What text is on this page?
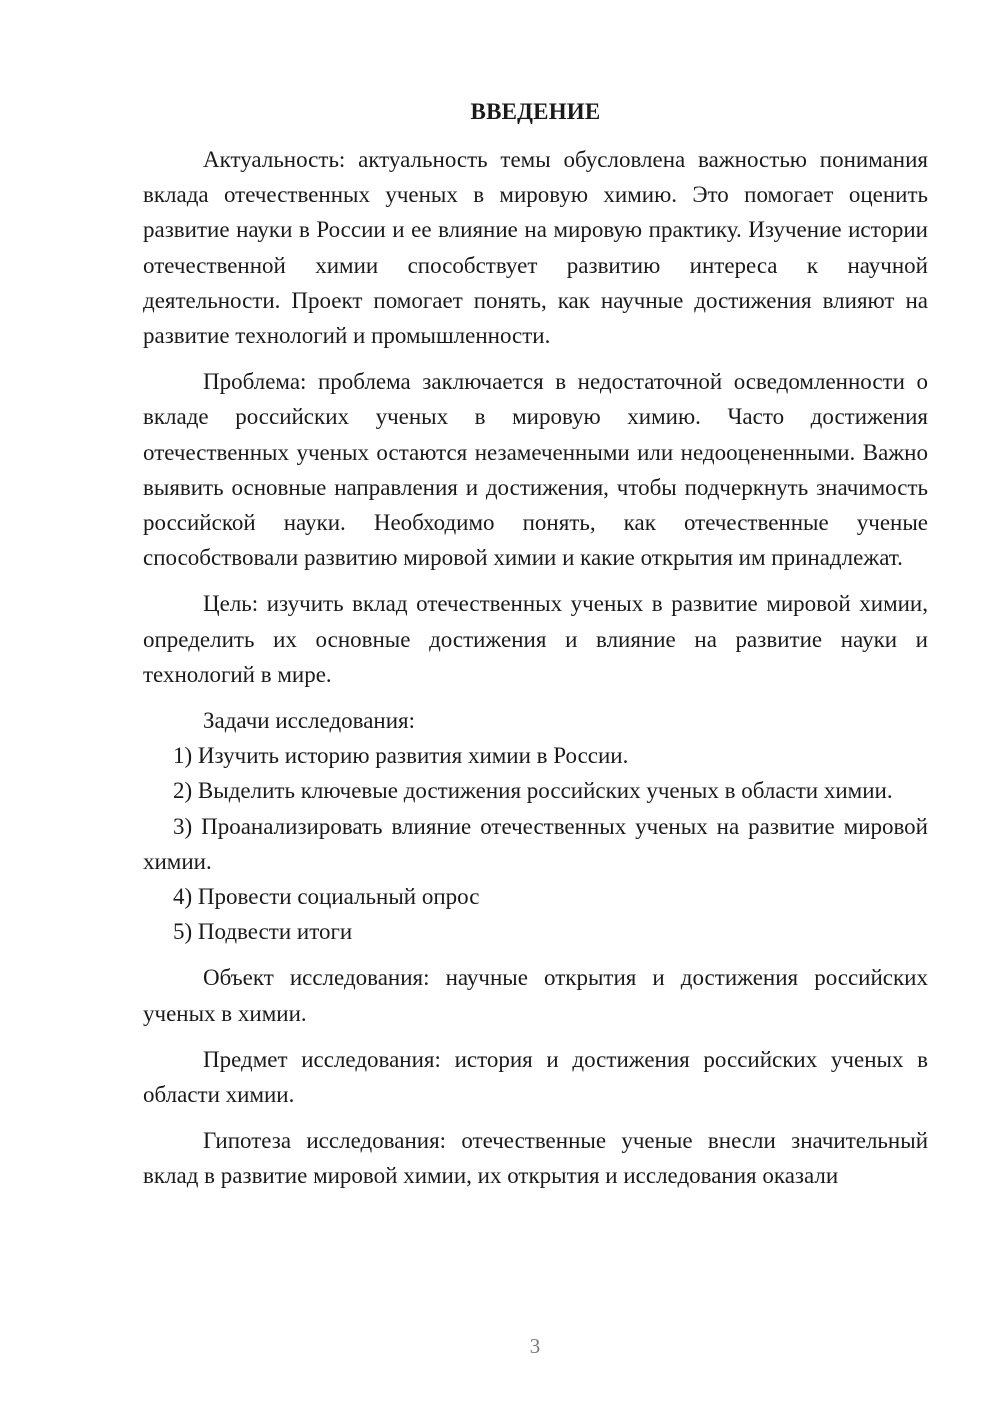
ВВЕДЕНИЕ

Актуальность: актуальность темы обусловлена важностью понимания вклада отечественных ученых в мировую химию. Это помогает оценить развитие науки в России и ее влияние на мировую практику. Изучение истории отечественной химии способствует развитию интереса к научной деятельности. Проект помогает понять, как научные достижения влияют на развитие технологий и промышленности.

Проблема: проблема заключается в недостаточной осведомленности о вкладе российских ученых в мировую химию. Часто достижения отечественных ученых остаются незамеченными или недооцененными. Важно выявить основные направления и достижения, чтобы подчеркнуть значимость российской науки. Необходимо понять, как отечественные ученые способствовали развитию мировой химии и какие открытия им принадлежат.

Цель: изучить вклад отечественных ученых в развитие мировой химии, определить их основные достижения и влияние на развитие науки и технологий в мире.

Задачи исследования:

1) Изучить историю развития химии в России.

2) Выделить ключевые достижения российских ученых в области химии.

3) Проанализировать влияние отечественных ученых на развитие мировой химии.

4) Провести социальный опрос

5) Подвести итоги

Объект исследования: научные открытия и достижения российских ученых в химии.

Предмет исследования: история и достижения российских ученых в области химии.

Гипотеза исследования: отечественные ученые внесли значительный вклад в развитие мировой химии, их открытия и исследования оказали

3
